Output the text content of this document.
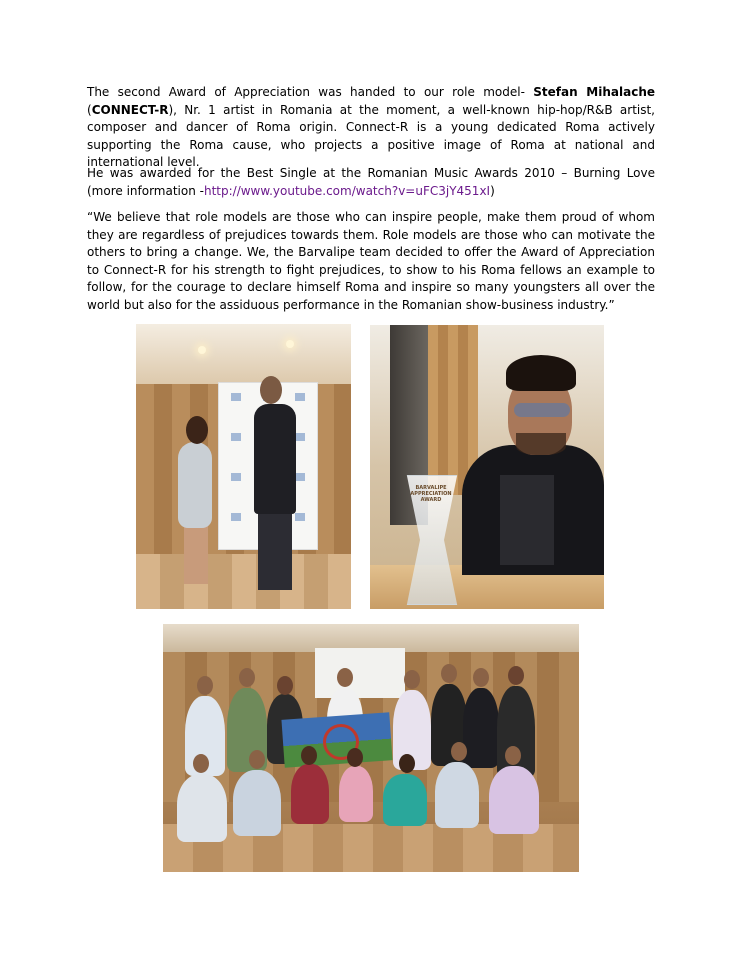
The second Award of Appreciation was handed to our role model- Stefan Mihalache (CONNECT-R), Nr. 1 artist in Romania at the moment, a well-known hip-hop/R&B artist, composer and dancer of Roma origin. Connect-R is a young dedicated Roma actively supporting the Roma cause, who projects a positive image of Roma at national and international level.

He was awarded for the Best Single at the Romanian Music Awards 2010 – Burning Love (more information -http://www.youtube.com/watch?v=uFC3jY451xI)

“We believe that role models are those who can inspire people, make them proud of whom they are regardless of prejudices towards them. Role models are those who can motivate the others to bring a change. We, the Barvalipe team decided to offer the Award of Appreciation to Connect-R for his strength to fight prejudices, to show to his Roma fellows an example to follow, for the courage to declare himself Roma and inspire so many youngsters all over the world but also for the assiduous performance in the Romanian show-business industry.”

BARVALIPE
APPRECIATION
AWARD
